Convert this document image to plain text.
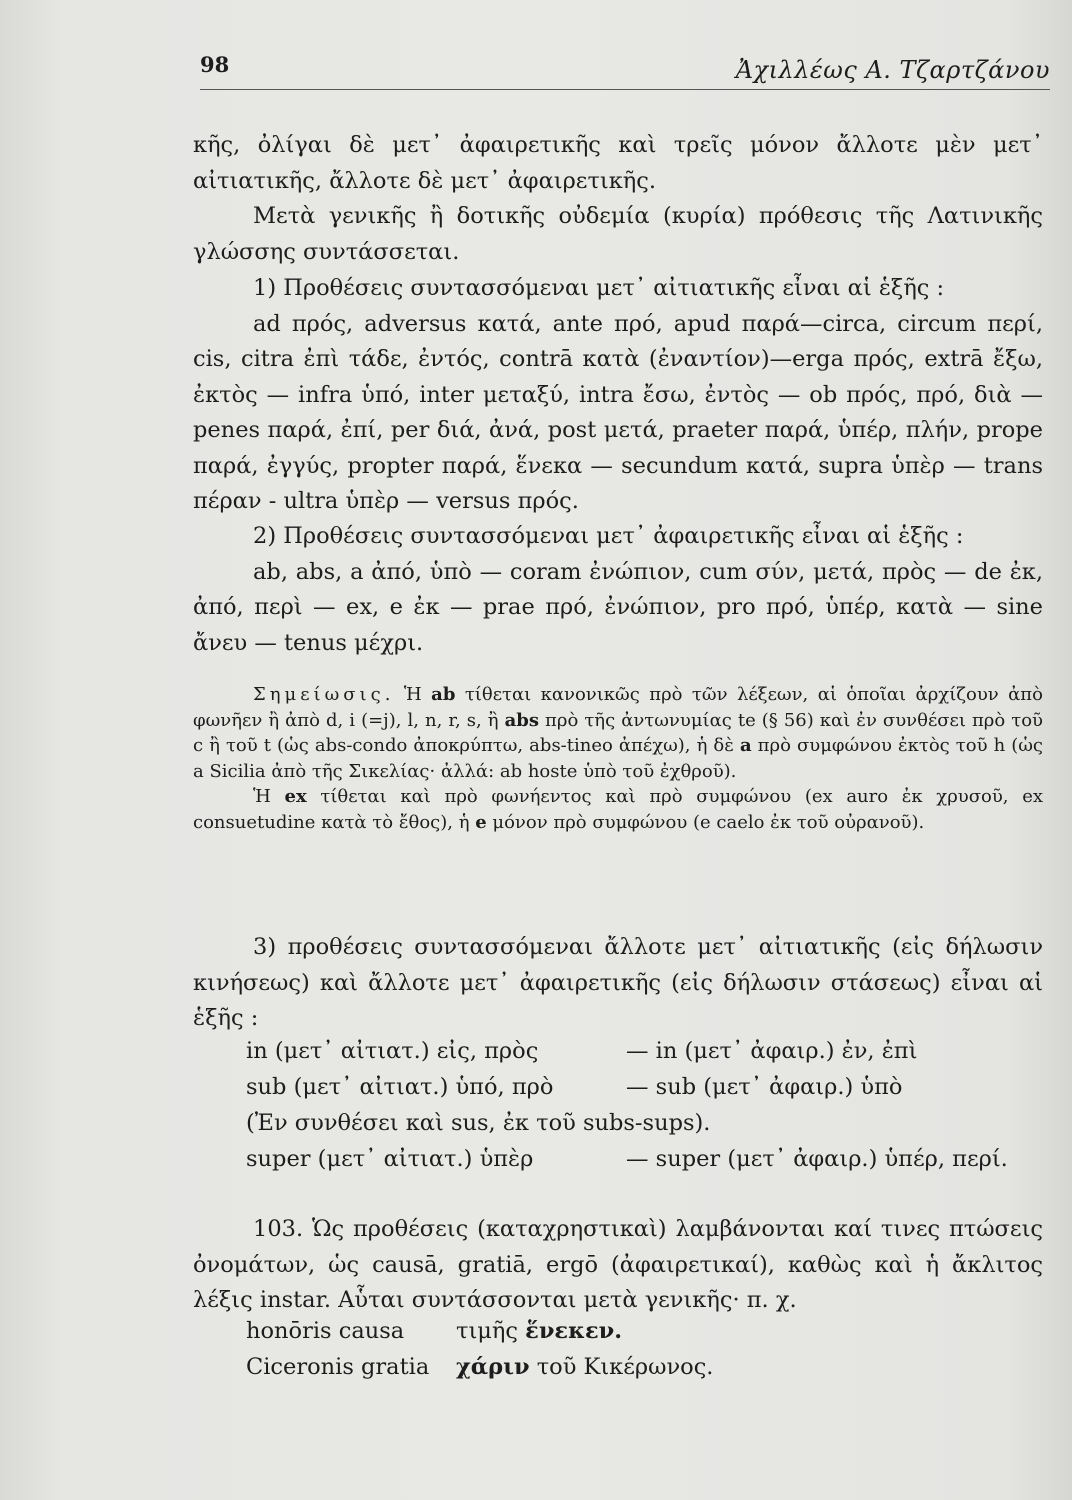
98	Ἀχιλλέως Α. Τζαρτζάνου

κῆς, ὀλίγαι δὲ μετ᾽ ἀφαιρετικῆς καὶ τρεῖς μόνον ἄλλοτε μὲν μετ᾽ αἰτιατικῆς, ἄλλοτε δὲ μετ᾽ ἀφαιρετικῆς.

Μετὰ γενικῆς ἢ δοτικῆς οὐδεμία (κυρία) πρόθεσις τῆς Λατινικῆς γλώσσης συντάσσεται.

1) Προθέσεις συντασσόμεναι μετ᾽ αἰτιατικῆς εἶναι αἱ ἑξῆς :

ad πρός, adversus κατά, ante πρό, apud παρά—circa, circum περί, cis, citra ἐπὶ τάδε, ἐντός, contrā κατὰ (ἐναντίον)—erga πρός, extrā ἔξω, ἐκτὸς — infra ὑπό, inter μεταξύ, intra ἔσω, ἐντὸς — ob πρός, πρό, διὰ — penes παρά, ἐπί, per διά, ἀνά, post μετά, praeter παρά, ὑπέρ, πλήν, prope παρά, ἐγγύς, propter παρά, ἕνεκα — secundum κατά, supra ὑπὲρ — trans πέραν - ultra ὑπὲρ — versus πρός.

2) Προθέσεις συντασσόμεναι μετ᾽ ἀφαιρετικῆς εἶναι αἱ ἑξῆς :

ab, abs, a ἀπό, ὑπὸ — coram ἐνώπιον, cum σύν, μετά, πρὸς — de ἐκ, ἀπό, περὶ — ex, e ἐκ — prae πρό, ἐνώπιον, pro πρό, ὑπέρ, κατὰ — sine ἄνευ — tenus μέχρι.

Σημείωσις. Ἡ ab τίθεται κανονικῶς πρὸ τῶν λέξεων, αἱ ὁποῖαι ἀρχίζουν ἀπὸ φωνῆεν ἢ ἀπὸ d, i (=j), l, n, r, s, ἢ abs πρὸ τῆς ἀντωνυμίας te (§ 56) καὶ ἐν συνθέσει πρὸ τοῦ c ἢ τοῦ t (ὡς abs-condo ἀποκρύπτω, abs-tineo ἀπέχω), ἡ δὲ a πρὸ συμφώνου ἐκτὸς τοῦ h (ὡς a Sicilia ἀπὸ τῆς Σικελίας· ἀλλά: ab hoste ὑπὸ τοῦ ἐχθροῦ).

Ἡ ex τίθεται καὶ πρὸ φωνήεντος καὶ πρὸ συμφώνου (ex auro ἐκ χρυσοῦ, ex consuetudine κατὰ τὸ ἔθος), ἡ e μόνον πρὸ συμφώνου (e caelo ἐκ τοῦ οὐρανοῦ).

3) προθέσεις συντασσόμεναι ἄλλοτε μετ᾽ αἰτιατικῆς (εἰς δήλωσιν κινήσεως) καὶ ἄλλοτε μετ᾽ ἀφαιρετικῆς (εἰς δήλωσιν στάσεως) εἶναι αἱ ἑξῆς :

in (μετ᾽ αἰτιατ.) εἰς, πρὸς	— in (μετ᾽ ἀφαιρ.) ἐν, ἐπὶ
sub (μετ᾽ αἰτιατ.) ὑπό, πρὸ	— sub (μετ᾽ ἀφαιρ.) ὑπὸ
(Ἐν συνθέσει καὶ sus, ἐκ τοῦ subs-sups).
super (μετ᾽ αἰτιατ.) ὑπὲρ	— super (μετ᾽ ἀφαιρ.) ὑπέρ, περί.

103. Ὡς προθέσεις (καταχρηστικαὶ) λαμβάνονται καί τινες πτώσεις ὀνομάτων, ὡς causā, gratiā, ergō (ἀφαιρετικαί), καθὼς καὶ ἡ ἄκλιτος λέξις instar. Αὗται συντάσσονται μετὰ γενικῆς· π. χ.

honōris causa τιμῆς ἕνεκεν.
Ciceronis gratia χάριν τοῦ Κικέρωνος.
